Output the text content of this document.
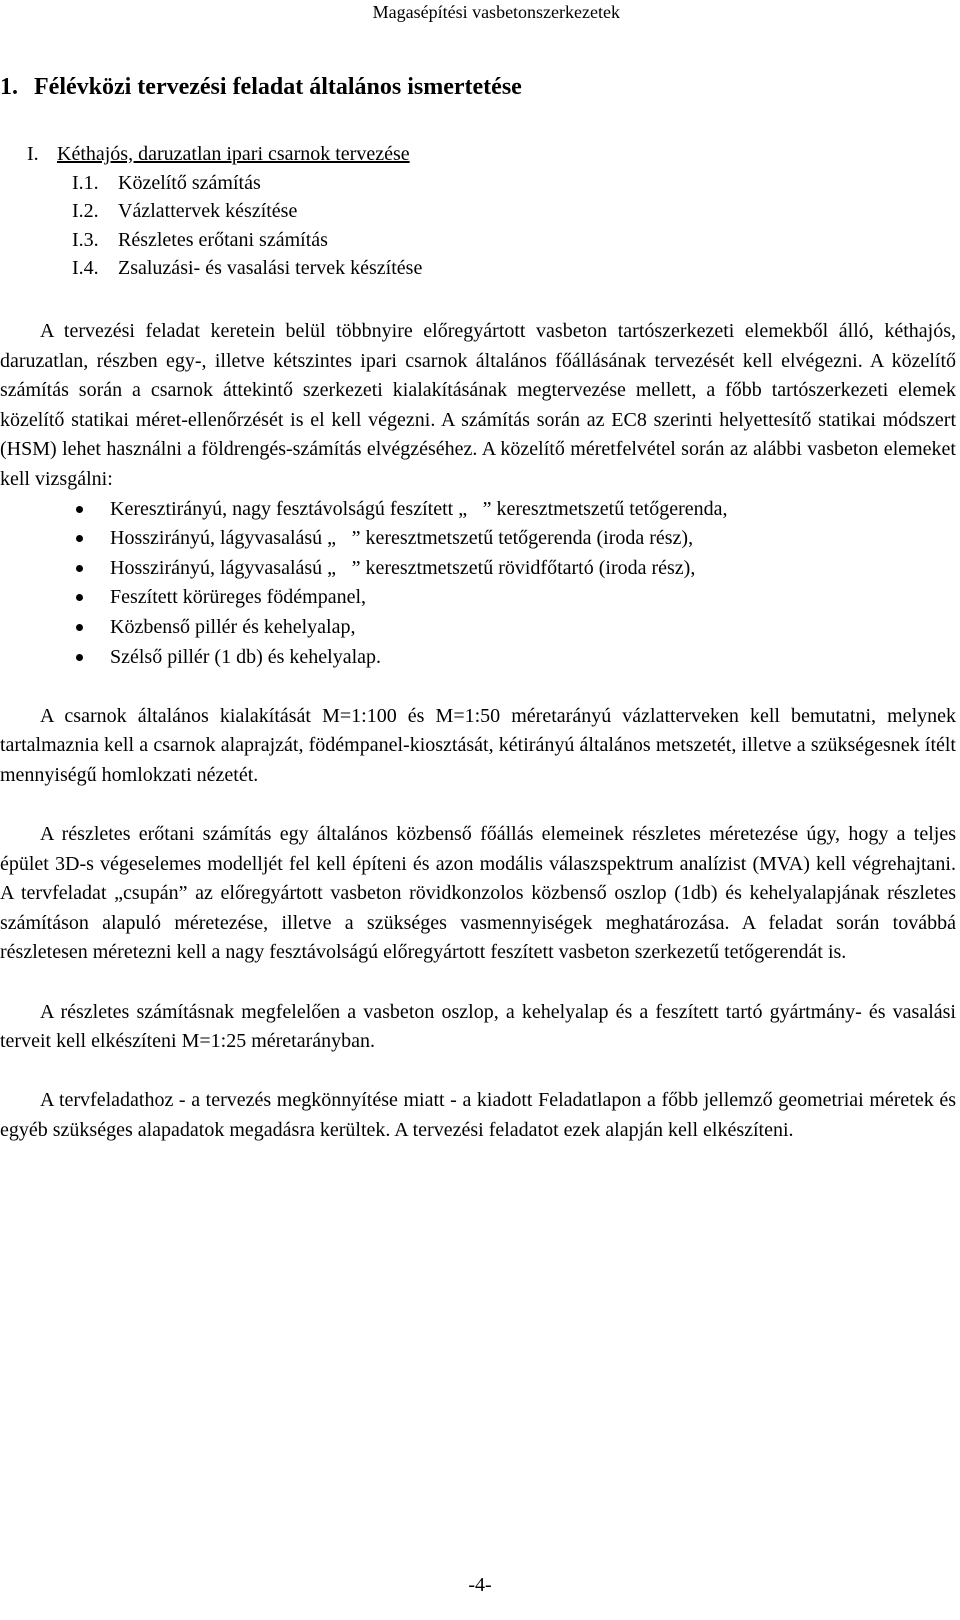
Magasépítési vasbetonszerkezetek
1. Félévközi tervezési feladat általános ismertetése
I. Kéthajós, daruzatlan ipari csarnok tervezése
I.1. Közelítő számítás
I.2. Vázlattervek készítése
I.3. Részletes erőtani számítás
I.4. Zsaluzási- és vasalási tervek készítése

A tervezési feladat keretein belül többnyire előregyártott vasbeton tartószerkezeti elemekből álló, kéthajós, daruzatlan, részben egy-, illetve kétszintes ipari csarnok általános főállásának tervezését kell elvégezni. A közelítő számítás során a csarnok áttekintő szerkezeti kialakításának megtervezése mellett, a főbb tartószerkezeti elemek közelítő statikai méret-ellenőrzését is el kell végezni. A számítás során az EC8 szerinti helyettesítő statikai módszert (HSM) lehet használni a földrengés-számítás elvégzéséhez. A közelítő méretfelvétel során az alábbi vasbeton elemeket kell vizsgálni:

Keresztirányú, nagy fesztávolságú feszített „ ” keresztmetszetű tetőgerenda,
Hosszirányú, lágyvasalású „ ” keresztmetszetű tetőgerenda (iroda rész),
Hosszirányú, lágyvasalású „ ” keresztmetszetű rövidfőtartó (iroda rész),
Feszített körüreges födémpanel,
Közbenső pillér és kehelyalap,
Szélső pillér (1 db) és kehelyalap.

A csarnok általános kialakítását M=1:100 és M=1:50 méretarányú vázlatterveken kell bemutatni, melynek tartalmaznia kell a csarnok alaprajzát, födémpanel-kiosztását, kétirányú általános metszetét, illetve a szükségesnek ítélt mennyiségű homlokzati nézetét.

A részletes erőtani számítás egy általános közbenső főállás elemeinek részletes méretezése úgy, hogy a teljes épület 3D-s végeselemes modelljét fel kell építeni és azon modális válaszspektrum analízist (MVA) kell végrehajtani. A tervfeladat „csupán” az előregyártott vasbeton rövidkonzolos közbenső oszlop (1db) és kehelyalapjának részletes számításon alapuló méretezése, illetve a szükséges vasmennyiségek meghatározása. A feladat során továbbá részletesen méretezni kell a nagy fesztávolságú előregyártott feszített vasbeton szerkezetű tetőgerendát is.

A részletes számításnak megfelelően a vasbeton oszlop, a kehelyalap és a feszített tartó gyártmány- és vasalási terveit kell elkészíteni M=1:25 méretarányban.

A tervfeladathoz - a tervezés megkönnyítése miatt - a kiadott Feladatlapon a főbb jellemző geometriai méretek és egyéb szükséges alapadatok megadásra kerültek. A tervezési feladatot ezek alapján kell elkészíteni.

-4-
